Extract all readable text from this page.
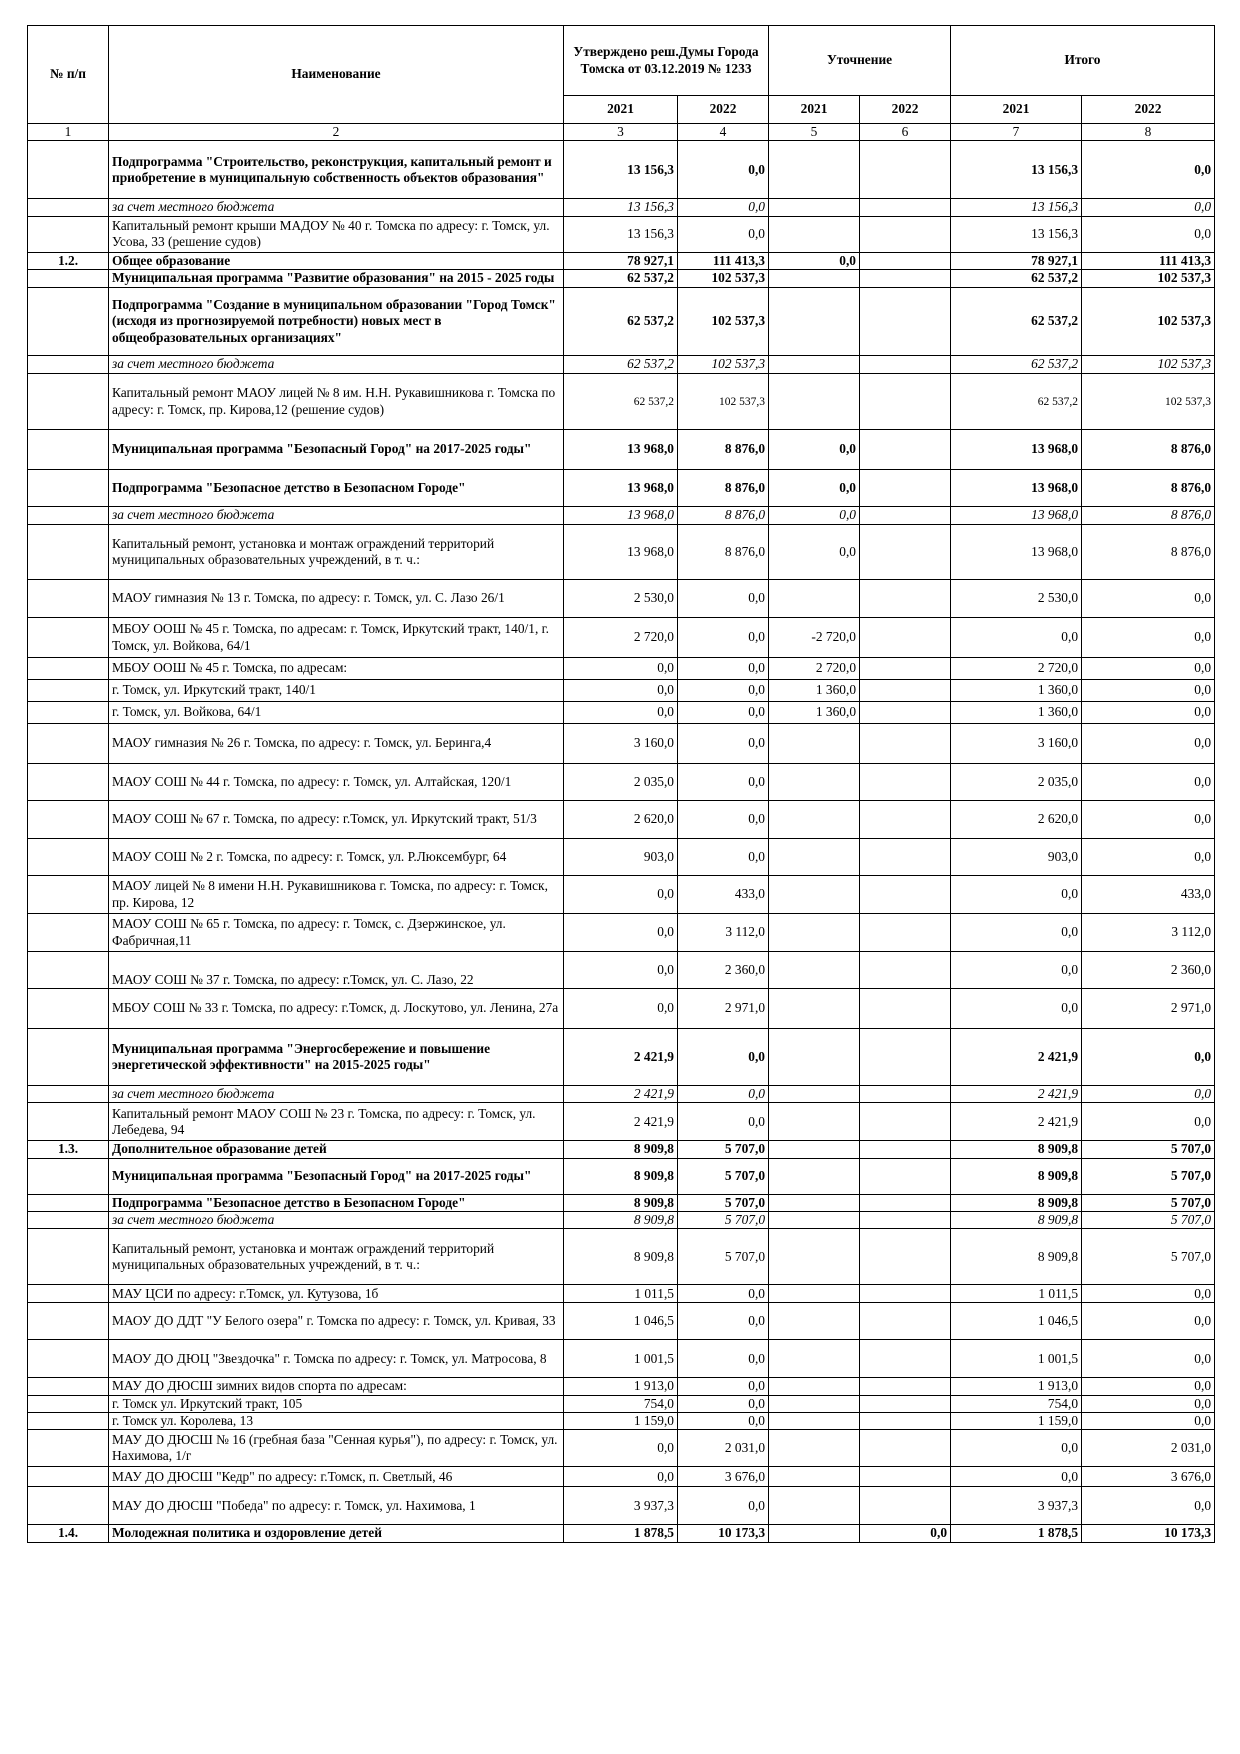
№ п/п	Наименование	Утверждено реш.Думы Города Томска от 03.12.2019 № 1233		Уточнение		Итого	
		2021	2022	2021	2022	2021	2022
1	2	3	4	5	6	7	8
	Подпрограмма "Строительство, реконструкция, капитальный ремонт и приобретение в муниципальную собственность объектов образования"	13 156,3	0,0			13 156,3	0,0
	за счет местного бюджета	13 156,3	0,0			13 156,3	0,0
	Капитальный ремонт крыши МАДОУ № 40 г. Томска по адресу: г. Томск, ул. Усова, 33 (решение судов)	13 156,3	0,0			13 156,3	0,0
1.2.	Общее образование	78 927,1	111 413,3	0,0		78 927,1	111 413,3
	Муниципальная программа "Развитие образования" на 2015 - 2025 годы	62 537,2	102 537,3			62 537,2	102 537,3
	Подпрограмма "Создание в муниципальном образовании "Город Томск" (исходя из прогнозируемой потребности) новых мест в общеобразовательных организациях"	62 537,2	102 537,3			62 537,2	102 537,3
	за счет местного бюджета	62 537,2	102 537,3			62 537,2	102 537,3
	Капитальный ремонт МАОУ лицей № 8 им. Н.Н. Рукавишникова г. Томска по адресу: г. Томск, пр. Кирова,12 (решение судов)	62 537,2	102 537,3			62 537,2	102 537,3
	Муниципальная программа "Безопасный Город" на 2017-2025 годы"	13 968,0	8 876,0	0,0		13 968,0	8 876,0
	Подпрограмма "Безопасное детство в Безопасном Городе"	13 968,0	8 876,0	0,0		13 968,0	8 876,0
	за счет местного бюджета	13 968,0	8 876,0	0,0		13 968,0	8 876,0
	Капитальный ремонт, установка и монтаж ограждений территорий муниципальных образовательных учреждений, в т. ч.:	13 968,0	8 876,0	0,0		13 968,0	8 876,0
	МАОУ гимназия № 13 г. Томска, по адресу: г. Томск, ул. С. Лазо 26/1	2 530,0	0,0			2 530,0	0,0
	МБОУ ООШ № 45 г. Томска, по адресам: г. Томск, Иркутский тракт, 140/1, г. Томск, ул. Войкова, 64/1	2 720,0	0,0	-2 720,0		0,0	0,0
	МБОУ ООШ № 45 г. Томска, по адресам:	0,0	0,0	2 720,0		2 720,0	0,0
	г. Томск, ул. Иркутский тракт, 140/1	0,0	0,0	1 360,0		1 360,0	0,0
	г. Томск, ул. Войкова, 64/1	0,0	0,0	1 360,0		1 360,0	0,0
	МАОУ гимназия № 26 г. Томска, по адресу: г. Томск, ул. Беринга,4	3 160,0	0,0			3 160,0	0,0
	МАОУ СОШ № 44 г. Томска, по адресу: г. Томск, ул. Алтайская, 120/1	2 035,0	0,0			2 035,0	0,0
	МАОУ СОШ № 67 г. Томска, по адресу: г.Томск, ул. Иркутский тракт, 51/3	2 620,0	0,0			2 620,0	0,0
	МАОУ СОШ № 2 г. Томска, по адресу: г. Томск, ул. Р.Люксембург, 64	903,0	0,0			903,0	0,0
	МАОУ лицей № 8 имени Н.Н. Рукавишникова г. Томска, по адресу: г. Томск, пр. Кирова, 12	0,0	433,0			0,0	433,0
	МАОУ СОШ № 65 г. Томска, по адресу: г. Томск, с. Дзержинское, ул. Фабричная,11	0,0	3 112,0			0,0	3 112,0
	МАОУ СОШ № 37 г. Томска, по адресу: г.Томск, ул. С. Лазо, 22	0,0	2 360,0			0,0	2 360,0
	МБОУ СОШ № 33 г. Томска, по адресу: г.Томск, д. Лоскутово, ул. Ленина, 27а	0,0	2 971,0			0,0	2 971,0
	Муниципальная программа "Энергосбережение и повышение энергетической эффективности" на 2015-2025 годы"	2 421,9	0,0			2 421,9	0,0
	за счет местного бюджета	2 421,9	0,0			2 421,9	0,0
	Капитальный ремонт МАОУ СОШ № 23 г. Томска, по адресу: г. Томск, ул. Лебедева, 94	2 421,9	0,0			2 421,9	0,0
1.3.	Дополнительное образование детей	8 909,8	5 707,0			8 909,8	5 707,0
	Муниципальная программа "Безопасный Город" на 2017-2025 годы"	8 909,8	5 707,0			8 909,8	5 707,0
	Подпрограмма "Безопасное детство в Безопасном Городе"	8 909,8	5 707,0			8 909,8	5 707,0
	за счет местного бюджета	8 909,8	5 707,0			8 909,8	5 707,0
	Капитальный ремонт, установка и монтаж ограждений территорий муниципальных образовательных учреждений, в т. ч.:	8 909,8	5 707,0			8 909,8	5 707,0
	МАУ ЦСИ по адресу: г.Томск, ул. Кутузова, 1б	1 011,5	0,0			1 011,5	0,0
	МАОУ ДО ДДТ "У Белого озера" г. Томска по адресу: г. Томск, ул. Кривая, 33	1 046,5	0,0			1 046,5	0,0
	МАОУ ДО ДЮЦ "Звездочка" г. Томска по адресу: г. Томск, ул. Матросова, 8	1 001,5	0,0			1 001,5	0,0
	МАУ ДО ДЮСШ зимних видов спорта по адресам:	1 913,0	0,0			1 913,0	0,0
	г. Томск ул. Иркутский тракт, 105	754,0	0,0			754,0	0,0
	г. Томск ул. Королева, 13	1 159,0	0,0			1 159,0	0,0
	МАУ ДО ДЮСШ № 16 (гребная база "Сенная курья"), по адресу: г. Томск, ул. Нахимова, 1/г	0,0	2 031,0			0,0	2 031,0
	МАУ ДО ДЮСШ "Кедр" по адресу: г.Томск, п. Светлый, 46	0,0	3 676,0			0,0	3 676,0
	МАУ ДО ДЮСШ "Победа" по адресу: г. Томск, ул. Нахимова, 1	3 937,3	0,0			3 937,3	0,0
1.4.	Молодежная политика и оздоровление детей	1 878,5	10 173,3		0,0	1 878,5	10 173,3
